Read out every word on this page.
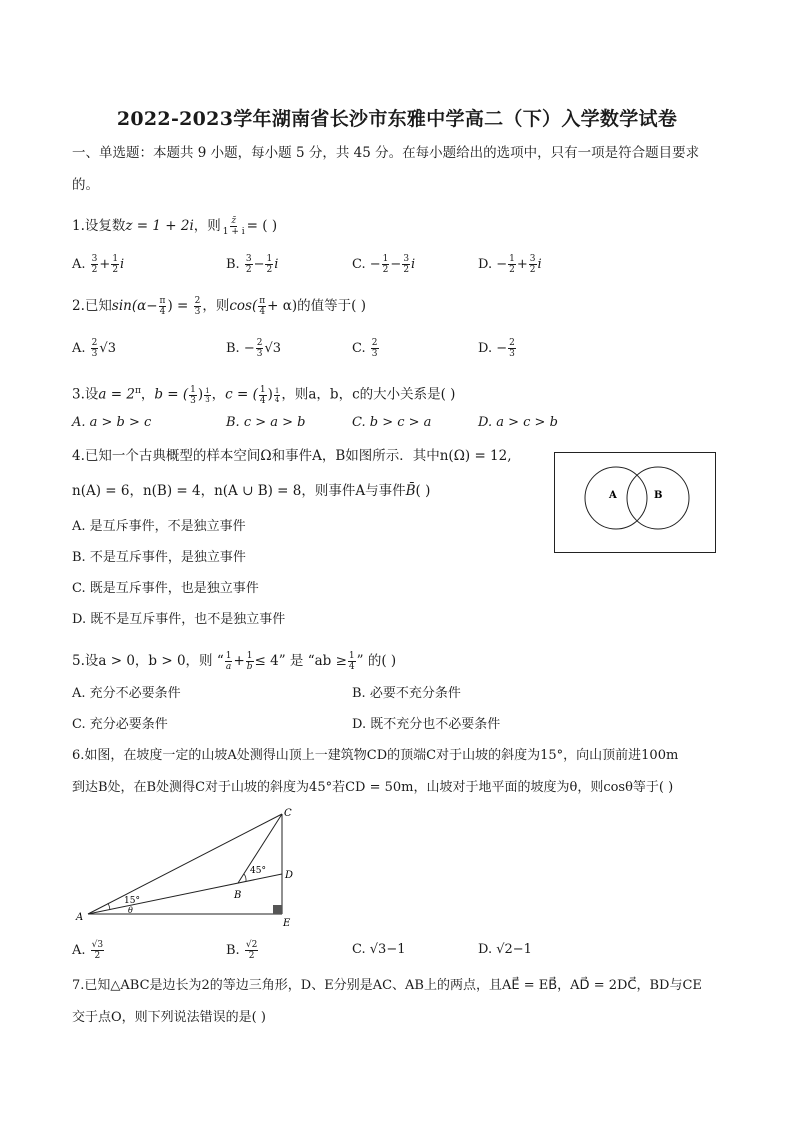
2022-2023学年湖南省长沙市东雅中学高二（下）入学数学试卷
一、单选题：本题共 9 小题，每小题 5 分，共 45 分。在每小题给出的选项中，只有一项是符合题目要求
的。
1.设复数z = 1 + 2i，则 $\frac{z̄}{1 + i}$ = ( )
A. $\frac{3}{2} + \frac{1}{2}$ i	B. $\frac{3}{2} - \frac{1}{2}$ i	C. − $\frac{1}{2} - \frac{3}{2}$ i	D. − $\frac{1}{2} + \frac{3}{2}$ i
2.已知$\sin(\alpha- \frac{\pi}{4}$ ) = $\frac{2}{3}$ ，则$\cos( \frac{\pi}{4} + \alpha)$的值等于( )
A. $\frac{2}{3} √3$	B. − $\frac{2}{3} √3$	C. $\frac{2}{3}$	D. − $\frac{2}{3}$
3.设$a = 2^\pi$，b = ( $\frac{1}{3}$ ) $\frac{1}{3}$ ，c = ( $\frac{1}{4}$ ) $\frac{1}{4}$ ，则a，b，c的大小关系是( )
A. a > b > c	B. c > a > b	C. b > c > a	D. a > c > b
4.已知一个古典概型的样本空间Ω和事件A，B如图所示．其中n(Ω) = 12,
n(A) = 6，n(B) = 4，n(A ∪ B) = 8，则事件A与事件B̄( )
A. 是互斥事件，不是独立事件
B. 不是互斥事件，是独立事件
C. 既是互斥事件，也是独立事件
D. 既不是互斥事件，也不是独立事件
A	B
5.设a > 0，b > 0，则 “ $\frac{1}{a} + \frac{1}{b} \le 4$” 是 “ab ≥ $\frac{1}{4}$ ” 的( )
A. 充分不必要条件	B. 必要不充分条件
C. 充分必要条件	D. 既不充分也不必要条件
6.如图，在坡度一定的山坡A处测得山顶上一建筑物CD的顶端C对于山坡的斜度为15°，向山顶前进100m
到达B处，在B处测得C对于山坡的斜度为45°若CD = 50m，山坡对于地平面的坡度为θ，则cosθ等于( )
A
B
C
D
E
15°
45°
θ
A. $\frac{√3}{2}$	B. $\frac{√2}{2}$	C. √3−1	D. √2−1
7.已知△ABC是边长为2的等边三角形，D、E分别是AC、AB上的两点，且AE⃗ = EB⃗，AD⃗ = 2DC⃗，BD与CE
交于点O，则下列说法错误的是( )
